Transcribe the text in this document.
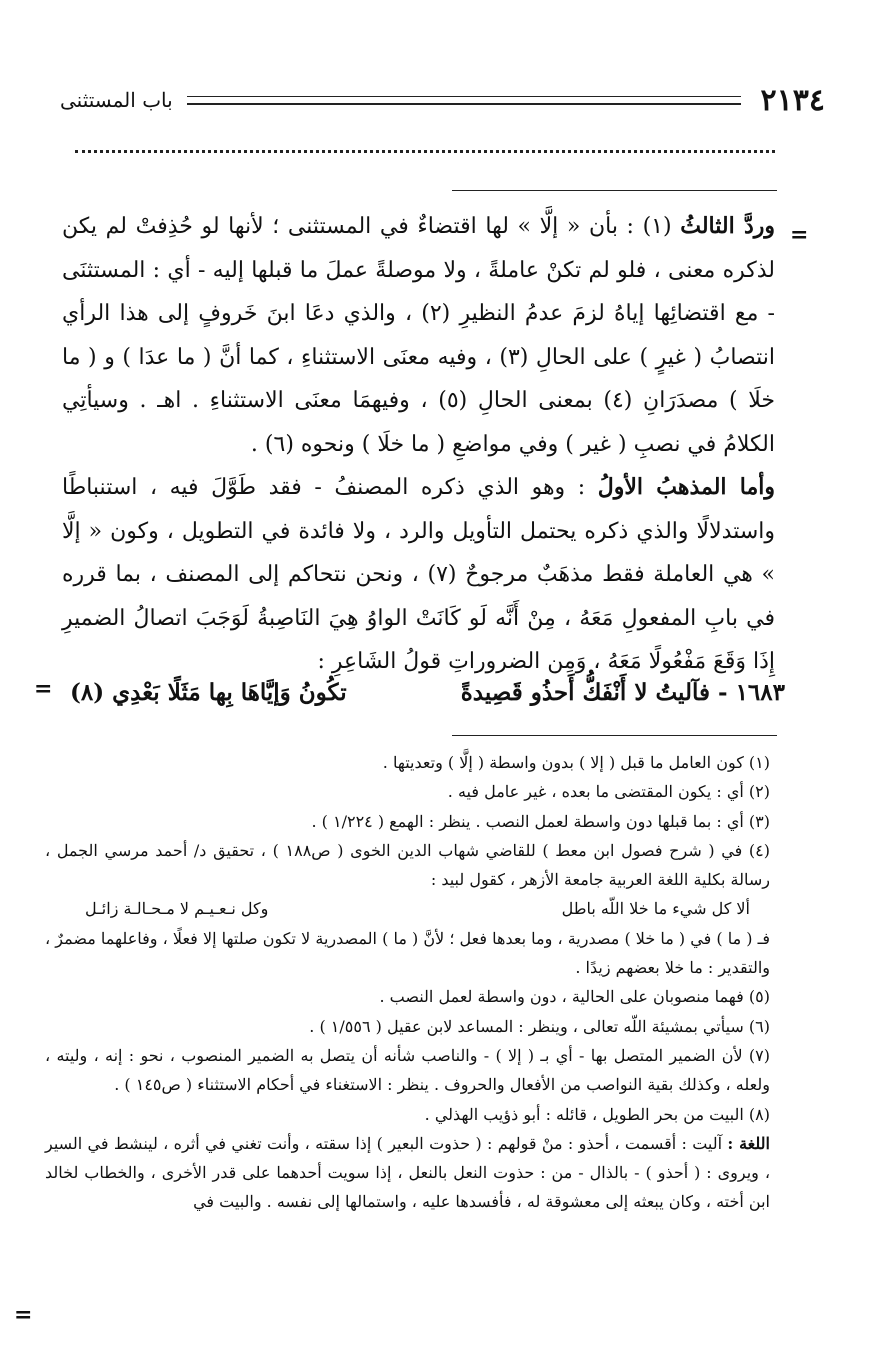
٢١٣٤
باب المستثنى
=

وردَّ الثالثُ (١) : بأن « إلَّا » لها اقتضاءٌ في المستثنى ؛ لأنها لو حُذِفتْ لم يكن لذكره معنى ، فلو لم تكنْ عاملةً ، ولا موصلةً عملَ ما قبلها إليه - أي : المستثنَى - مع اقتضائِها إياهُ لزمَ عدمُ النظيرِ (٢) ، والذي دعَا ابنَ خَروفٍ إلى هذا الرأي انتصابُ ( غيرٍ ) على الحالِ (٣) ، وفيه معنَى الاستثناءِ ، كما أنَّ ( ما عدَا ) و ( ما خلَا ) مصدَرَانِ (٤) بمعنى الحالِ (٥) ، وفيهمَا معنَى الاستثناءِ . اهـ . وسيأتِي الكلامُ في نصبِ ( غير ) وفي مواضعِ ( ما خلَا ) ونحوه (٦) .

وأما المذهبُ الأولُ : وهو الذي ذكره المصنفُ - فقد طَوَّلَ فيه ، استنباطًا واستدلالًا والذي ذكره يحتمل التأويل والرد ، ولا فائدة في التطويل ، وكون « إلَّا » هي العاملة فقط مذهَبٌ مرجوحٌ (٧) ، ونحن نتحاكم إلى المصنف ، بما قرره في بابِ المفعولِ مَعَهُ ، مِنْ أَنَّه لَو كَانَتْ الواوُ هِيَ النَاصِبةُ لَوَجَبَ اتصالُ الضميرِ إِذَا وَقَعَ مَفْعُولًا مَعَهُ ، وَمِن الضروراتِ قولُ الشَاعِرِ :

١٦٨٣ - فآليتُ لا أَنْفَكُّ أَحذُو قَصِيدةً
تكُونُ وَإيَّاهَا بِها مَثَلًا بَعْدِي (٨)
=

(١) كون العامل ما قبل ( إلا ) بدون واسطة ( إلَّا ) وتعديتها .

(٢) أي : يكون المقتضى ما بعده ، غير عامل فيه .

(٣) أي : بما قبلها دون واسطة لعمل النصب . ينظر : الهمع ( ١/٢٢٤ ) .

(٤) في ( شرح فصول ابن معط ) للقاضي شهاب الدين الخوى ( ص١٨٨ ) ، تحقيق د/ أحمد مرسي الجمل ، رسالة بكلية اللغة العربية جامعة الأزهر ، كقول لبيد :

ألا كل شيء ما خلا اللّه باطل
وكل نـعـيـم لا مـحـالـة زائـل

فـ ( ما ) في ( ما خلا ) مصدرية ، وما بعدها فعل ؛ لأنَّ ( ما ) المصدرية لا تكون صلتها إلا فعلًا ، وفاعلهما مضمرٌ ، والتقدير : ما خلا بعضهم زيدًا .

(٥) فهما منصوبان على الحالية ، دون واسطة لعمل النصب .

(٦) سيأتي بمشيئة اللّه تعالى ، وينظر : المساعد لابن عقيل ( ١/٥٥٦ ) .

(٧) لأن الضمير المتصل بها - أي بـ ( إلا ) - والناصب شأنه أن يتصل به الضمير المنصوب ، نحو : إنه ، وليته ، ولعله ، وكذلك بقية النواصب من الأفعال والحروف . ينظر : الاستغناء في أحكام الاستثناء ( ص١٤٥ ) .

(٨) البيت من بحر الطويل ، قائله : أبو ذؤيب الهذلي .

اللغة : آليت : أقسمت ، أحذو : منْ قولهم : ( حذوت البعير ) إذا سقته ، وأنت تغني في أثره ، لينشط في السير ، ويروى : ( أحذو ) - بالذال - من : حذوت النعل بالنعل ، إذا سويت أحدهما على قدر الأخرى ، والخطاب لخالد ابن أخته ، وكان يبعثه إلى معشوقة له ، فأفسدها عليه ، واستمالها إلى نفسه . والبيت في

=
